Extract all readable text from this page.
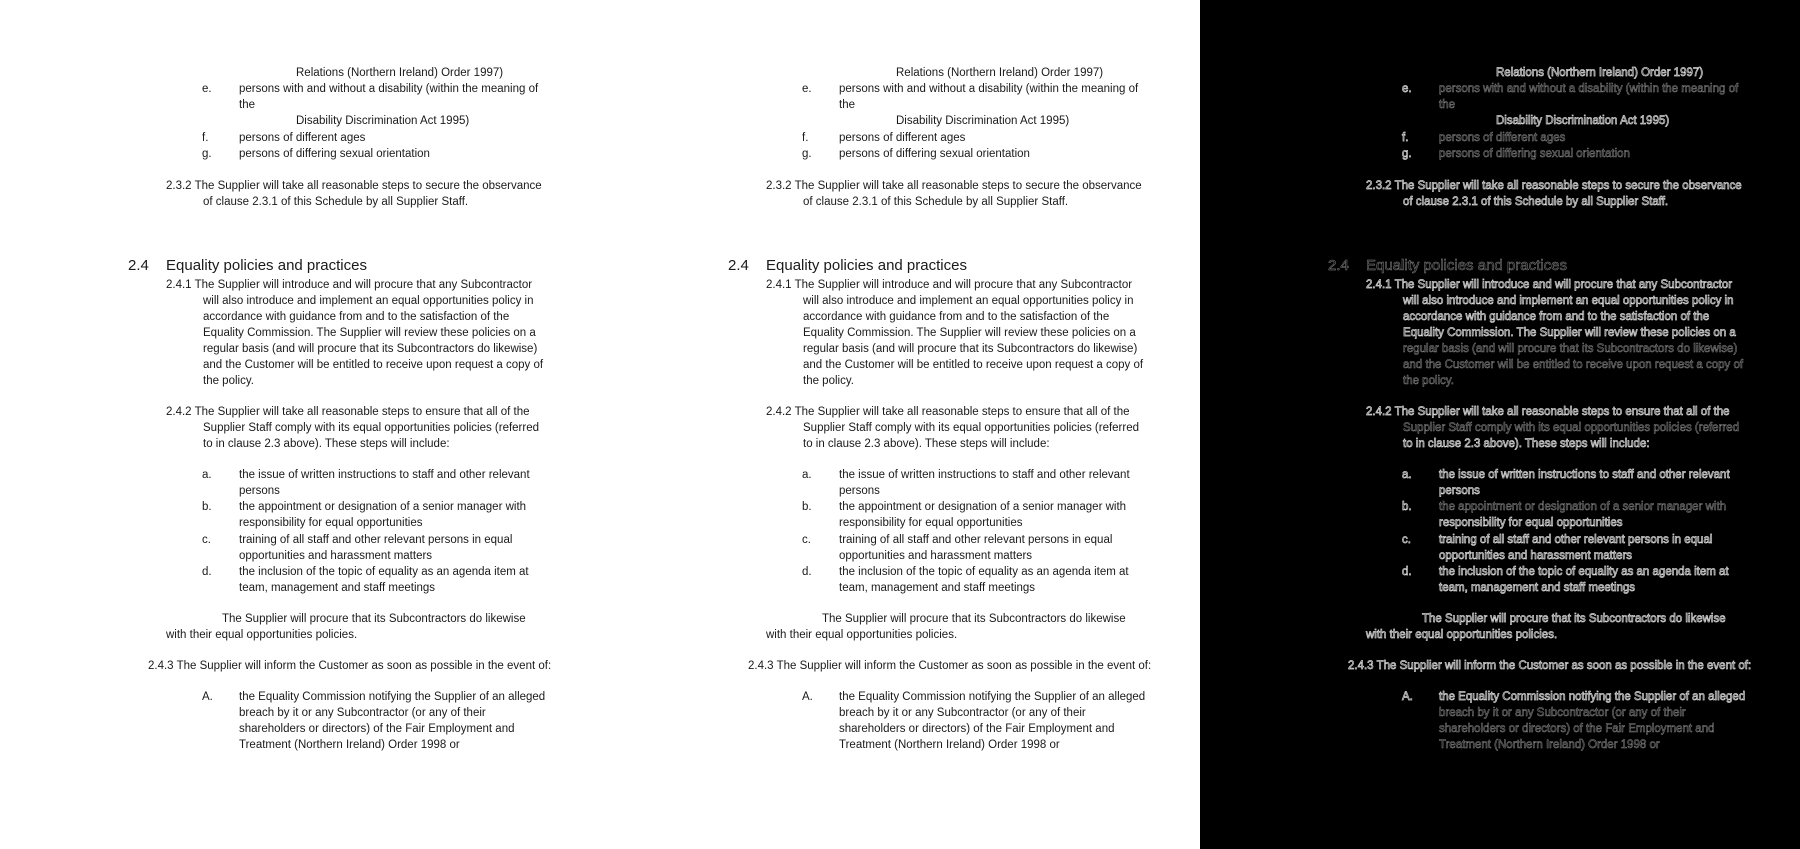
Relations (Northern Ireland) Order 1997)
e. persons with and without a disability (within the meaning of
the
Disability Discrimination Act 1995)
f.	persons of different ages
g. persons of differing sexual orientation
2.3.2 The Supplier will take all reasonable steps to secure the observance
of clause 2.3.1 of this Schedule by all Supplier Staff.
2.4 Equality policies and practices
2.4.1 The Supplier will introduce and will procure that any Subcontractor
will also introduce and implement an equal opportunities policy in
accordance with guidance from and to the satisfaction of the
Equality Commission. The Supplier will review these policies on a
regular basis (and will procure that its Subcontractors do likewise)
and the Customer will be entitled to receive upon request a copy of
the policy.
2.4.2 The Supplier will take all reasonable steps to ensure that all of the
Supplier Staff comply with its equal opportunities policies (referred
to in clause 2.3 above). These steps will include:
a. the issue of written instructions to staff and other relevant
persons
b. the appointment or designation of a senior manager with
responsibility for equal opportunities
c. training of all staff and other relevant persons in equal
opportunities and harassment matters
d. the inclusion of the topic of equality as an agenda item at
team, management and staff meetings
The Supplier will procure that its Subcontractors do likewise
with their equal opportunities policies.
2.4.3 The Supplier will inform the Customer as soon as possible in the event of:
A. the Equality Commission notifying the Supplier of an alleged
breach by it or any Subcontractor (or any of their
shareholders or directors) of the Fair Employment and
Treatment (Northern Ireland) Order 1998 or
Relations (Northern Ireland) Order 1997)
e. persons with and without a disability (within the meaning of
the
Disability Discrimination Act 1995)
f.	persons of different ages
g. persons of differing sexual orientation
2.3.2 The Supplier will take all reasonable steps to secure the observance
of clause 2.3.1 of this Schedule by all Supplier Staff.
2.4 Equality policies and practices
2.4.1 The Supplier will introduce and will procure that any Subcontractor
will also introduce and implement an equal opportunities policy in
accordance with guidance from and to the satisfaction of the
Equality Commission. The Supplier will review these policies on a
regular basis (and will procure that its Subcontractors do likewise)
and the Customer will be entitled to receive upon request a copy of
the policy.
2.4.2 The Supplier will take all reasonable steps to ensure that all of the
Supplier Staff comply with its equal opportunities policies (referred
to in clause 2.3 above). These steps will include:
a. the issue of written instructions to staff and other relevant
persons
b. the appointment or designation of a senior manager with
responsibility for equal opportunities
c. training of all staff and other relevant persons in equal
opportunities and harassment matters
d. the inclusion of the topic of equality as an agenda item at
team, management and staff meetings
The Supplier will procure that its Subcontractors do likewise
with their equal opportunities policies.
2.4.3 The Supplier will inform the Customer as soon as possible in the event of:
A. the Equality Commission notifying the Supplier of an alleged
breach by it or any Subcontractor (or any of their
shareholders or directors) of the Fair Employment and
Treatment (Northern Ireland) Order 1998 or
Relations (Northern Ireland) Order 1997)
e. persons with and without a disability (within the meaning of
the
Disability Discrimination Act 1995)
f.	persons of different ages
g. persons of differing sexual orientation
2.3.2 The Supplier will take all reasonable steps to secure the observance
of clause 2.3.1 of this Schedule by all Supplier Staff.
2.4 Equality policies and practices
2.4.1 The Supplier will introduce and will procure that any Subcontractor
will also introduce and implement an equal opportunities policy in
accordance with guidance from and to the satisfaction of the
Equality Commission. The Supplier will review these policies on a
regular basis (and will procure that its Subcontractors do likewise)
and the Customer will be entitled to receive upon request a copy of
the policy.
2.4.2 The Supplier will take all reasonable steps to ensure that all of the
Supplier Staff comply with its equal opportunities policies (referred
to in clause 2.3 above). These steps will include:
a. the issue of written instructions to staff and other relevant
persons
b. the appointment or designation of a senior manager with
responsibility for equal opportunities
c. training of all staff and other relevant persons in equal
opportunities and harassment matters
d. the inclusion of the topic of equality as an agenda item at
team, management and staff meetings
The Supplier will procure that its Subcontractors do likewise
with their equal opportunities policies.
2.4.3 The Supplier will inform the Customer as soon as possible in the event of:
A. the Equality Commission notifying the Supplier of an alleged
breach by it or any Subcontractor (or any of their
shareholders or directors) of the Fair Employment and
Treatment (Northern Ireland) Order 1998 or
